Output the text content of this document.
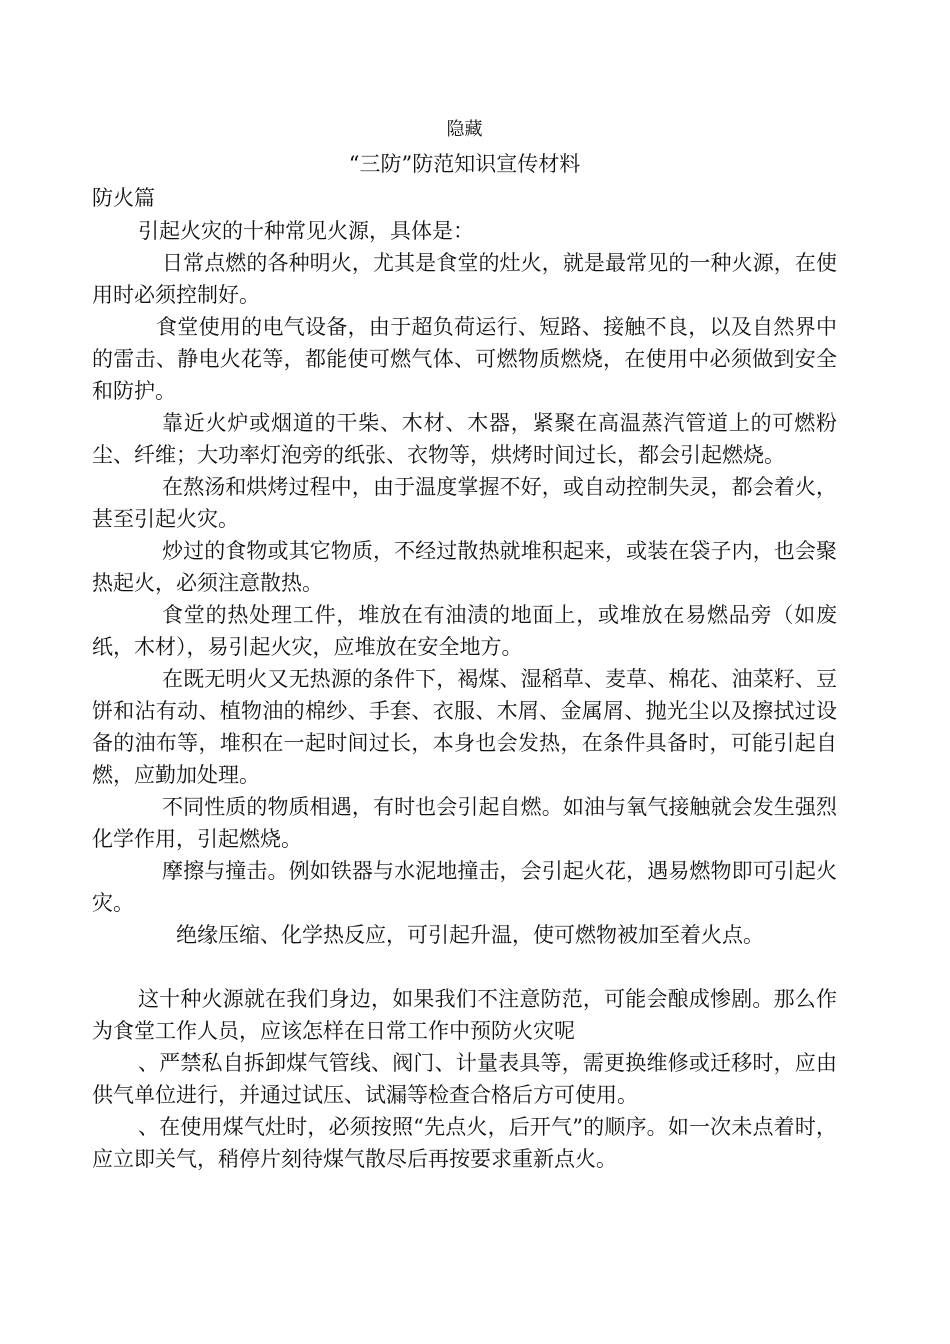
隐藏
“三防”防范知识宣传材料
防火篇

引起火灾的十种常见火源，具体是：

日常点燃的各种明火，尤其是食堂的灶火，就是最常见的一种火源，在使用时必须控制好。

食堂使用的电气设备，由于超负荷运行、短路、接触不良，以及自然界中的雷击、静电火花等，都能使可燃气体、可燃物质燃烧，在使用中必须做到安全和防护。

靠近火炉或烟道的干柴、木材、木器，紧聚在高温蒸汽管道上的可燃粉尘、纤维；大功率灯泡旁的纸张、衣物等，烘烤时间过长，都会引起燃烧。

在熬汤和烘烤过程中，由于温度掌握不好，或自动控制失灵，都会着火，甚至引起火灾。

炒过的食物或其它物质，不经过散热就堆积起来，或装在袋子内，也会聚热起火，必须注意散热。

食堂的热处理工件，堆放在有油渍的地面上，或堆放在易燃品旁（如废纸，木材），易引起火灾，应堆放在安全地方。

在既无明火又无热源的条件下，褐煤、湿稻草、麦草、棉花、油菜籽、豆饼和沾有动、植物油的棉纱、手套、衣服、木屑、金属屑、抛光尘以及擦拭过设备的油布等，堆积在一起时间过长，本身也会发热，在条件具备时，可能引起自燃，应勤加处理。

不同性质的物质相遇，有时也会引起自燃。如油与氧气接触就会发生强烈化学作用，引起燃烧。

摩擦与撞击。例如铁器与水泥地撞击，会引起火花，遇易燃物即可引起火灾。

绝缘压缩、化学热反应，可引起升温，使可燃物被加至着火点。

这十种火源就在我们身边，如果我们不注意防范，可能会酿成惨剧。那么作为食堂工作人员，应该怎样在日常工作中预防火灾呢

、严禁私自拆卸煤气管线、阀门、计量表具等，需更换维修或迁移时，应由供气单位进行，并通过试压、试漏等检查合格后方可使用。

、在使用煤气灶时，必须按照“先点火，后开气”的顺序。如一次未点着时，应立即关气，稍停片刻待煤气散尽后再按要求重新点火。
